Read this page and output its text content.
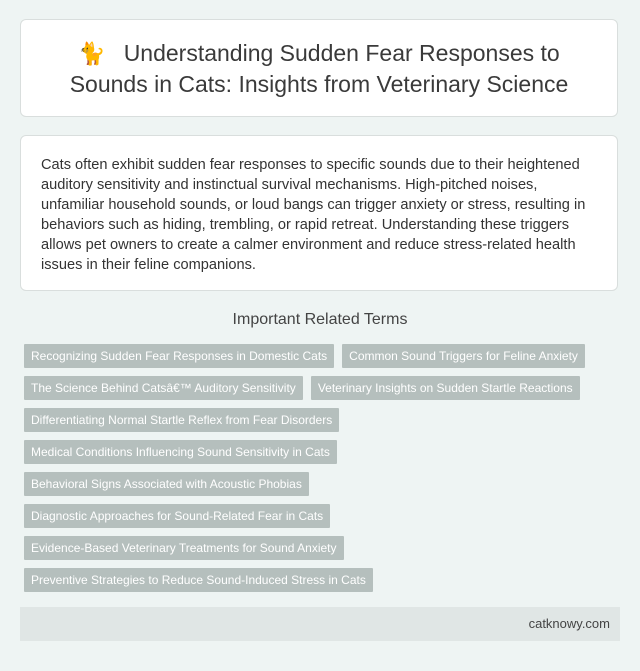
🐈 Understanding Sudden Fear Responses to Sounds in Cats: Insights from Veterinary Science

Cats often exhibit sudden fear responses to specific sounds due to their heightened auditory sensitivity and instinctual survival mechanisms. High-pitched noises, unfamiliar household sounds, or loud bangs can trigger anxiety or stress, resulting in behaviors such as hiding, trembling, or rapid retreat. Understanding these triggers allows pet owners to create a calmer environment and reduce stress-related health issues in their feline companions.

Important Related Terms
Recognizing Sudden Fear Responses in Domestic Cats	Common Sound Triggers for Feline Anxiety
The Science Behind Catsâ€™ Auditory Sensitivity	Veterinary Insights on Sudden Startle Reactions
Differentiating Normal Startle Reflex from Fear Disorders
Medical Conditions Influencing Sound Sensitivity in Cats
Behavioral Signs Associated with Acoustic Phobias
Diagnostic Approaches for Sound-Related Fear in Cats
Evidence-Based Veterinary Treatments for Sound Anxiety
Preventive Strategies to Reduce Sound-Induced Stress in Cats
catknowy.com
